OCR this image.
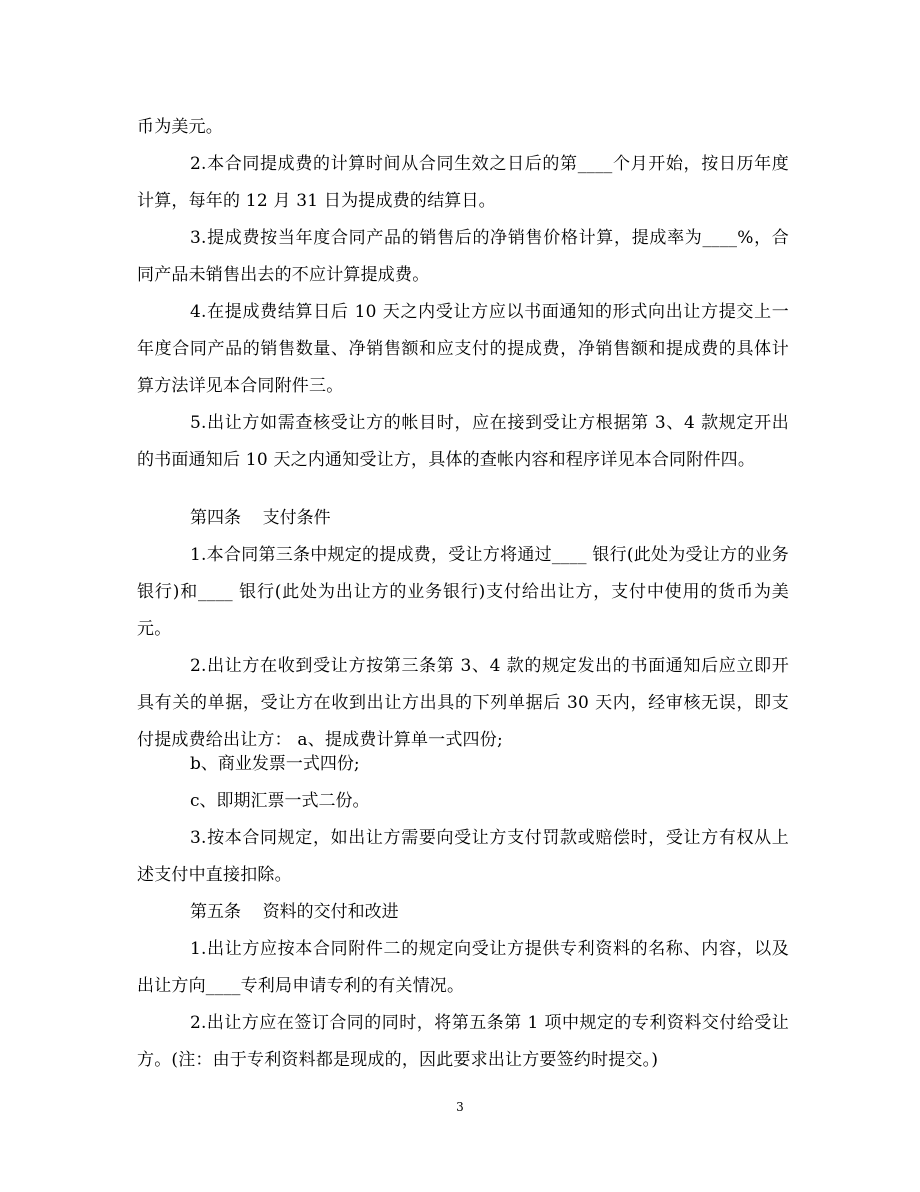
币为美元。

2.本合同提成费的计算时间从合同生效之日后的第____个月开始，按日历年度计算，每年的 12 月 31 日为提成费的结算日。

3.提成费按当年度合同产品的销售后的净销售价格计算，提成率为____%，合同产品未销售出去的不应计算提成费。

4.在提成费结算日后 10 天之内受让方应以书面通知的形式向出让方提交上一年度合同产品的销售数量、净销售额和应支付的提成费，净销售额和提成费的具体计算方法详见本合同附件三。

5.出让方如需查核受让方的帐目时，应在接到受让方根据第 3、4 款规定开出的书面通知后 10 天之内通知受让方，具体的查帐内容和程序详见本合同附件四。

第四条    支付条件

1.本合同第三条中规定的提成费，受让方将通过____ 银行(此处为受让方的业务银行)和____ 银行(此处为出让方的业务银行)支付给出让方，支付中使用的货币为美元。

2.出让方在收到受让方按第三条第 3、4 款的规定发出的书面通知后应立即开具有关的单据，受让方在收到出让方出具的下列单据后 30 天内，经审核无误，即支付提成费给出让方： a、提成费计算单一式四份;

b、商业发票一式四份;

c、即期汇票一式二份。

3.按本合同规定，如出让方需要向受让方支付罚款或赔偿时，受让方有权从上述支付中直接扣除。

第五条    资料的交付和改进

1.出让方应按本合同附件二的规定向受让方提供专利资料的名称、内容，以及出让方向____专利局申请专利的有关情况。

2.出让方应在签订合同的同时，将第五条第 1 项中规定的专利资料交付给受让方。(注：由于专利资料都是现成的，因此要求出让方要签约时提交。)

3
